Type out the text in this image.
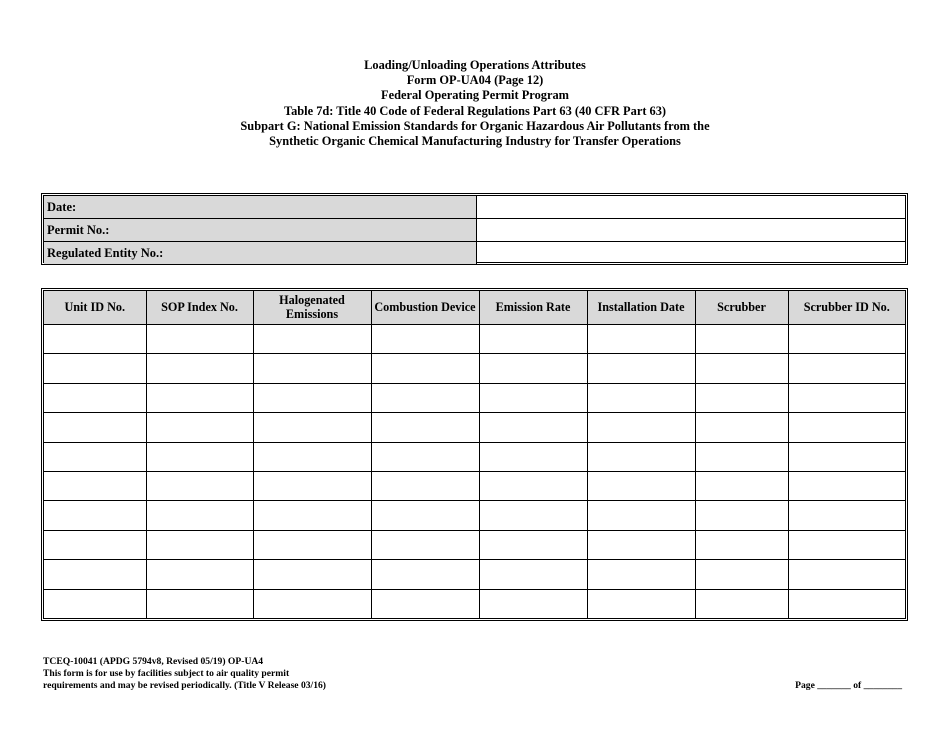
Loading/Unloading Operations Attributes
Form OP-UA04 (Page 12)
Federal Operating Permit Program
Table 7d: Title 40 Code of Federal Regulations Part 63 (40 CFR Part 63)
Subpart G: National Emission Standards for Organic Hazardous Air Pollutants from the
Synthetic Organic Chemical Manufacturing Industry for Transfer Operations
Date:	
Permit No.:	
Regulated Entity No.:	
Unit ID No.	SOP Index No.	Halogenated Emissions	Combustion Device	Emission Rate	Installation Date	Scrubber	Scrubber ID No.

TCEQ-10041 (APDG 5794v8, Revised 05/19) OP-UA4
This form is for use by facilities subject to air quality permit
requirements and may be revised periodically. (Title V Release 03/16)	Page _______ of ________
